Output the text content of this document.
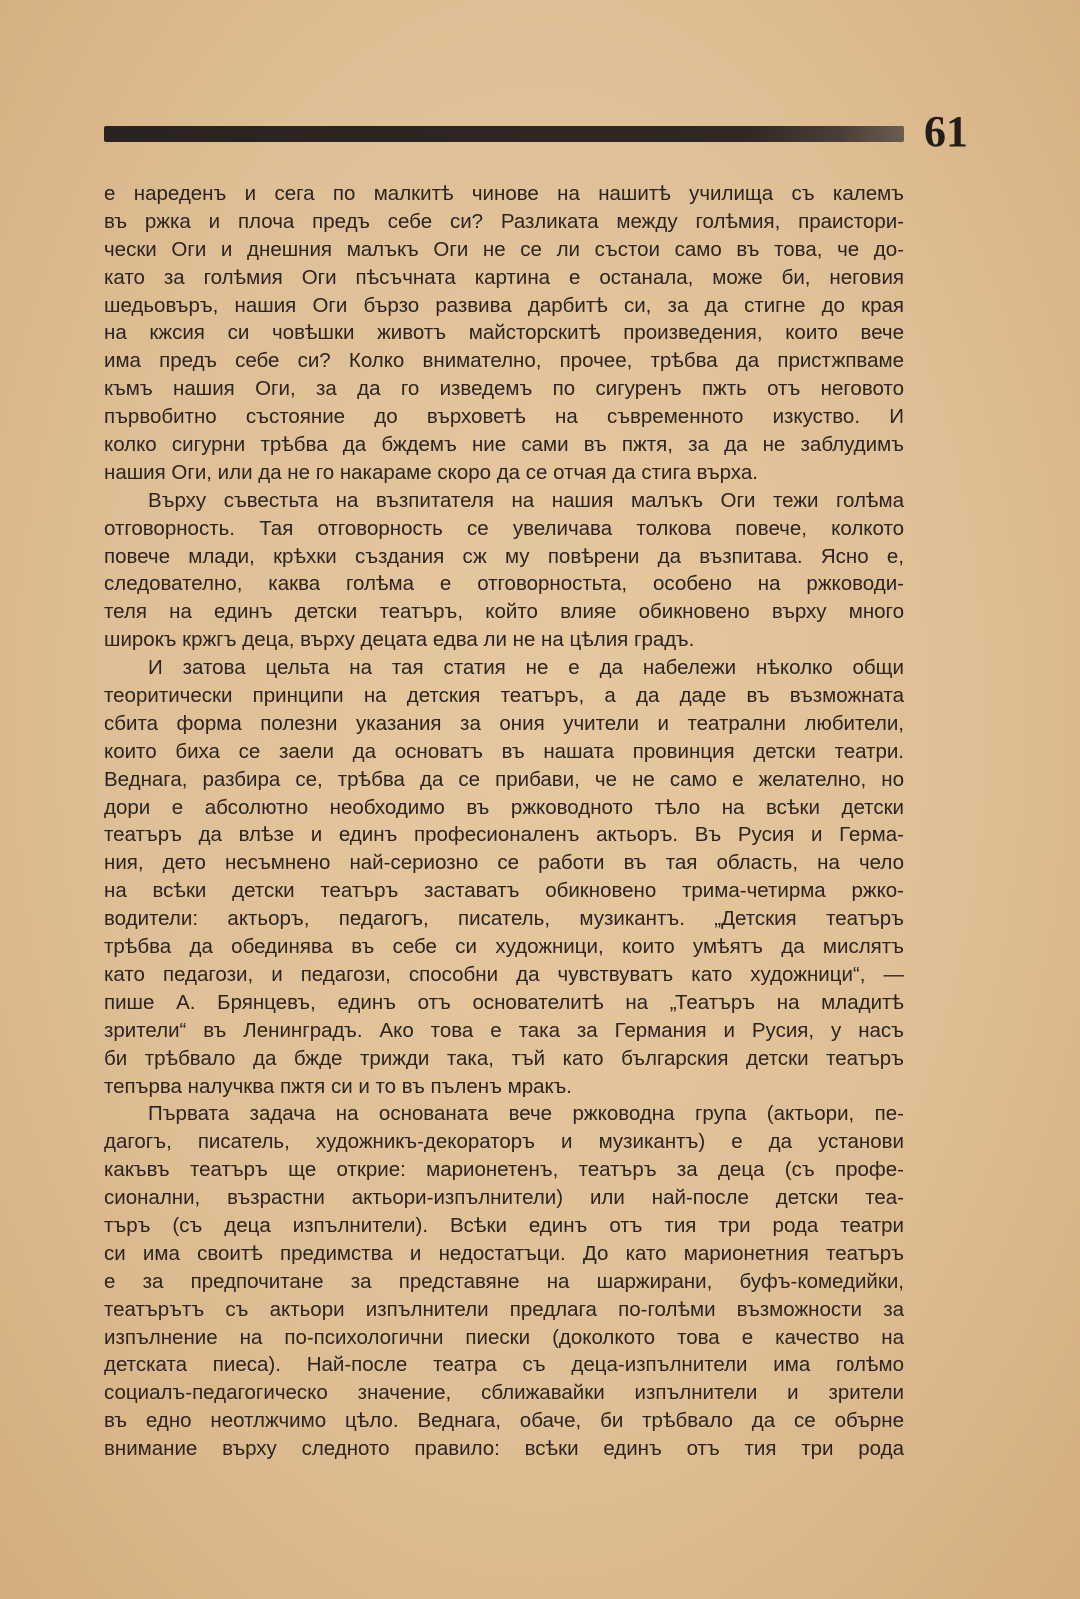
61
е нареденъ и сега по малкитѣ чинове на нашитѣ училища съ калемъ
въ ржка и плоча предъ себе си? Разликата между голѣмия, праистори-
чески Оги и днешния малъкъ Оги не се ли състои само въ това, че до-
като за голѣмия Оги пѣсъчната картина е останала, може би, неговия
шедьовъръ, нашия Оги бързо развива дарбитѣ си, за да стигне до края
на кжсия си човѣшки животъ майсторскитѣ произведения, които вече
има предъ себе си? Колко внимателно, прочее, трѣбва да пристжпваме
къмъ нашия Оги, за да го изведемъ по сигуренъ пжть отъ неговото
първобитно състояние до върховетѣ на съвременното изкуство. И
колко сигурни трѣбва да бждемъ ние сами въ пжтя, за да не заблудимъ
нашия Оги, или да не го накараме скоро да се отчая да стига върха.
Върху съвестьта на възпитателя на нашия малъкъ Оги тежи голѣма
отговорность. Тая отговорность се увеличава толкова повече, колкото
повече млади, крѣхки създания сж му повѣрени да възпитава. Ясно е,
следователно, каква голѣма е отговорностьта, особено на ржководи-
теля на единъ детски театъръ, който влияе обикновено върху много
широкъ кржгъ деца, върху децата едва ли не на цѣлия градъ.
И затова цельта на тая статия не е да набележи нѣколко общи
теоритически принципи на детския театъръ, а да даде въ възможната
сбита форма полезни указания за ония учители и театрални любители,
които биха се заели да основатъ въ нашата провинция детски театри.
Веднага, разбира се, трѣбва да се прибави, че не само е желателно, но
дори е абсолютно необходимо въ ржководното тѣло на всѣки детски
театъръ да влѣзе и единъ професионаленъ актьоръ. Въ Русия и Герма-
ния, дето несъмнено най-сериозно се работи въ тая область, на чело
на всѣки детски театъръ заставатъ обикновено трима-четирма ржко-
водители: актьоръ, педагогъ, писатель, музикантъ. „Детския театъръ
трѣбва да обединява въ себе си художници, които умѣятъ да мислятъ
като педагози, и педагози, способни да чувствуватъ като художници“, —
пише А. Брянцевъ, единъ отъ основателитѣ на „Театъръ на младитѣ
зрители“ въ Ленинградъ. Ако това е така за Германия и Русия, у насъ
би трѣбвало да бжде трижди така, тъй като българския детски театъръ
тепърва налучква пжтя си и то въ пъленъ мракъ.
Първата задача на основаната вече ржководна група (актьори, пе-
дагогъ, писатель, художникъ-декораторъ и музикантъ) е да установи
какъвъ театъръ ще открие: марионетенъ, театъръ за деца (съ профе-
сионални, възрастни актьори-изпълнители) или най-после детски теа-
търъ (съ деца изпълнители). Всѣки единъ отъ тия три рода театри
си има своитѣ предимства и недостатъци. До като марионетния театъръ
е за предпочитане за представяне на шаржирани, буфъ-комедийки,
театърътъ съ актьори изпълнители предлага по-голѣми възможности за
изпълнение на по-психологични пиески (доколкото това е качество на
детската пиеса). Най-после театра съ деца-изпълнители има голѣмо
социалъ-педагогическо значение, сближавайки изпълнители и зрители
въ едно неотлжчимо цѣло. Веднага, обаче, би трѣбвало да се обърне
внимание върху следното правило: всѣки единъ отъ тия три рода
